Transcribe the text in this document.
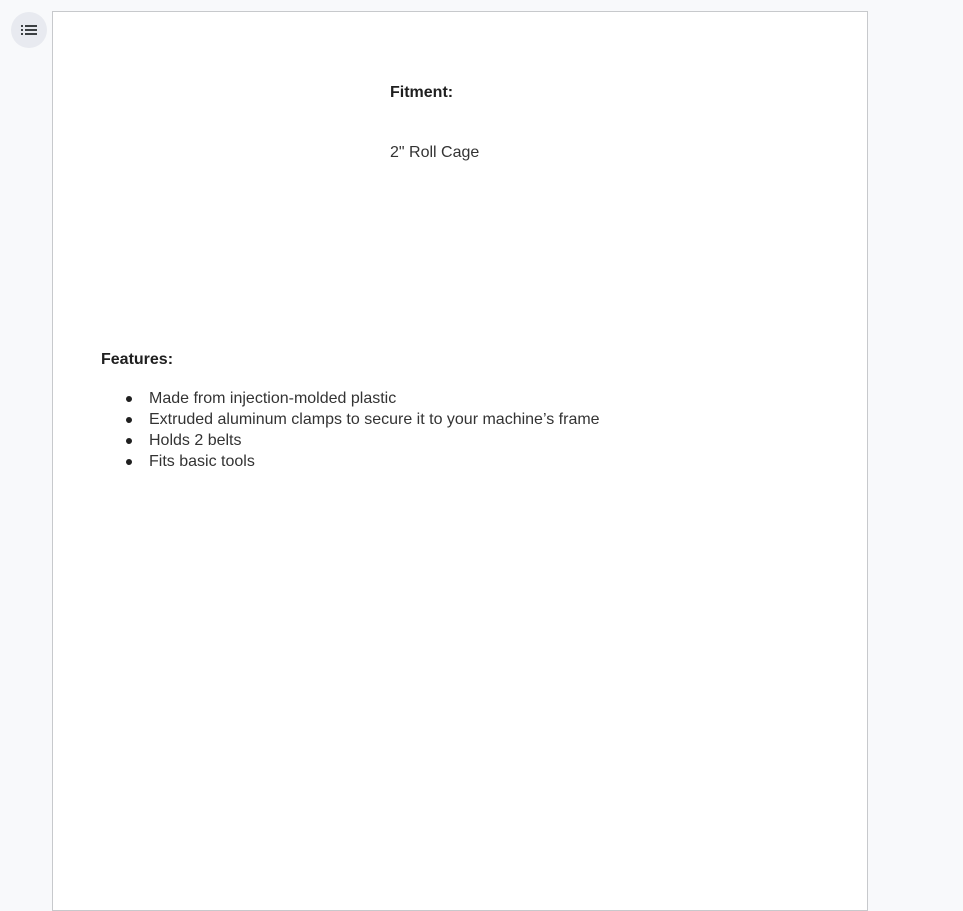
Fitment:

2" Roll Cage

Features:

Made from injection-molded plastic
Extruded aluminum clamps to secure it to your machine’s frame
Holds 2 belts
Fits basic tools
